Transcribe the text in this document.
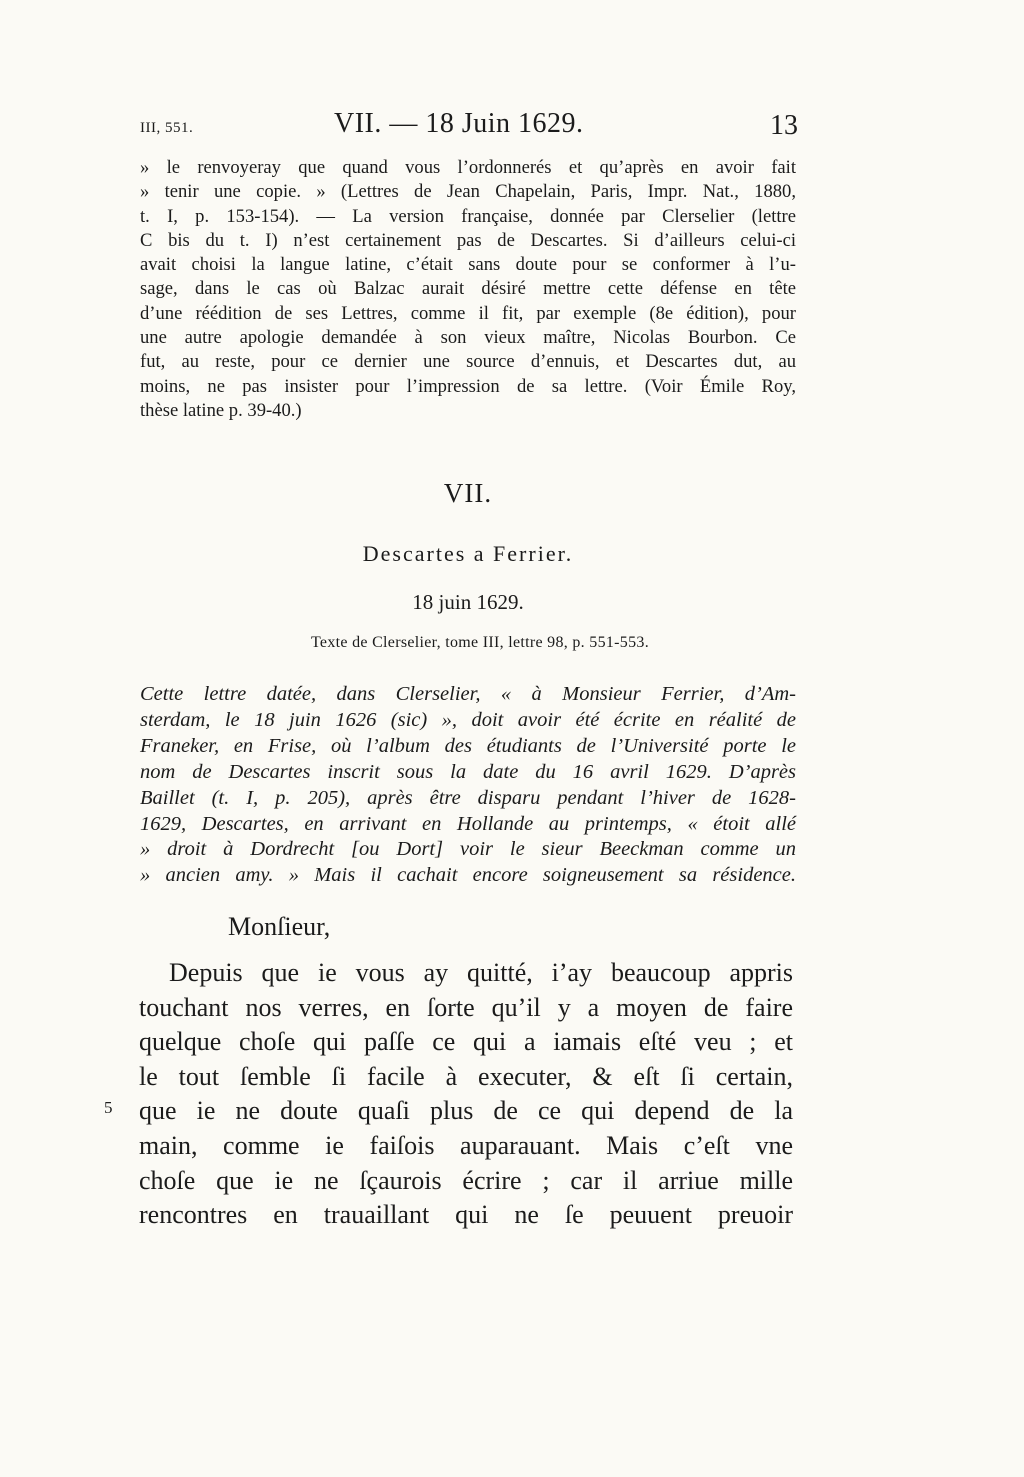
III, 551.	VII. — 18 Juin 1629.	13
» le renvoyeray que quand vous l’ordonnerés et qu’après en avoir fait
» tenir une copie. » (Lettres de Jean Chapelain, Paris, Impr. Nat., 1880,
t. I, p. 153-154). — La version française, donnée par Clerselier (lettre
C bis du t. I) n’est certainement pas de Descartes. Si d’ailleurs celui-ci
avait choisi la langue latine, c’était sans doute pour se conformer à l’u-
sage, dans le cas où Balzac aurait désiré mettre cette défense en tête
d’une réédition de ses Lettres, comme il fit, par exemple (8e édition), pour
une autre apologie demandée à son vieux maître, Nicolas Bourbon. Ce
fut, au reste, pour ce dernier une source d’ennuis, et Descartes dut, au
moins, ne pas insister pour l’impression de sa lettre. (Voir Émile Roy,
thèse latine p. 39-40.)
VII.
Descartes a Ferrier.
18 juin 1629.
Texte de Clerselier, tome III, lettre 98, p. 551-553.
Cette lettre datée, dans Clerselier, « à Monsieur Ferrier, d’Am-
sterdam, le 18 juin 1626 (sic) », doit avoir été écrite en réalité de
Franeker, en Frise, où l’album des étudiants de l’Université porte le
nom de Descartes inscrit sous la date du 16 avril 1629. D’après
Baillet (t. I, p. 205), après être disparu pendant l’hiver de 1628-
1629, Descartes, en arrivant en Hollande au printemps, « étoit allé
» droit à Dordrecht [ou Dort] voir le sieur Beeckman comme un
» ancien amy. » Mais il cachait encore soigneusement sa résidence.
Monſieur,
Depuis que ie vous ay quitté, i’ay beaucoup appris
touchant nos verres, en ſorte qu’il y a moyen de faire
quelque choſe qui paſſe ce qui a iamais eſté veu ; et
le tout ſemble ſi facile à executer, & eſt ſi certain,
que ie ne doute quaſi plus de ce qui depend de la
main, comme ie faiſois auparauant. Mais c’eſt vne
choſe que ie ne ſçaurois écrire ; car il arriue mille
rencontres en trauaillant qui ne ſe peuuent preuoir
5
